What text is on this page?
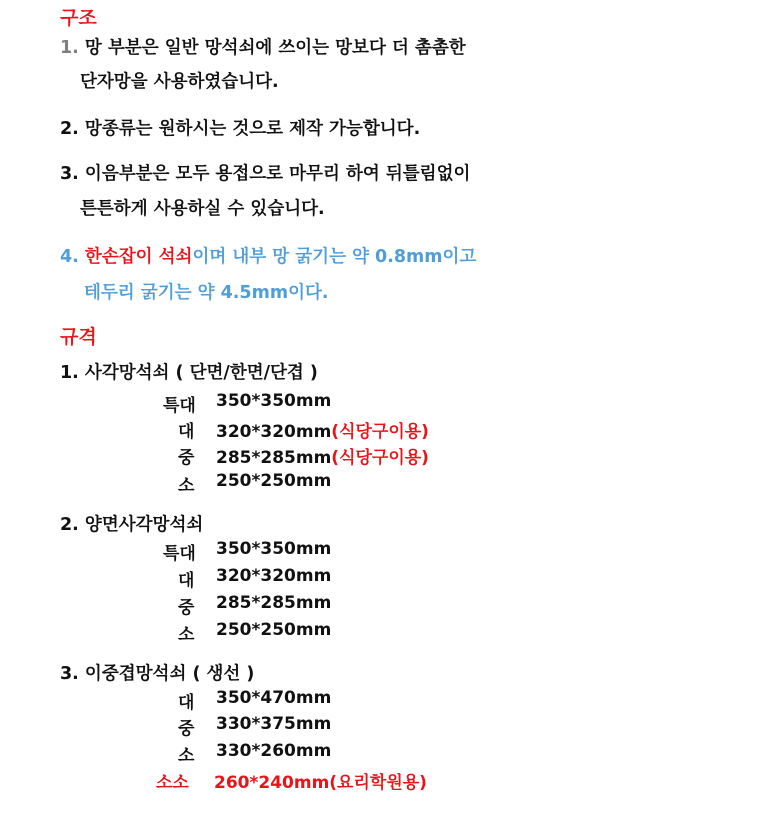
구조
1. 망 부분은 일반 망석쇠에 쓰이는 망보다 더 촘촘한
단자망을 사용하였습니다.
2. 망종류는 원하시는 것으로 제작 가능합니다.
3. 이음부분은 모두 용접으로 마무리 하여 뒤틀림없이
튼튼하게 사용하실 수 있습니다.
4. 한손잡이 석쇠이며 내부 망 굵기는 약 0.8mm이고
테두리 굵기는 약 4.5mm이다.
규격
1. 사각망석쇠 ( 단면/한면/단겹 )
특대 350*350mm
대 320*320mm(식당구이용)
중 285*285mm(식당구이용)
소 250*250mm
2. 양면사각망석쇠
특대 350*350mm
대 320*320mm
중 285*285mm
소 250*250mm
3. 이중겹망석쇠 ( 생선 )
대 350*470mm
중 330*375mm
소 330*260mm
소소 260*240mm(요리학원용)
